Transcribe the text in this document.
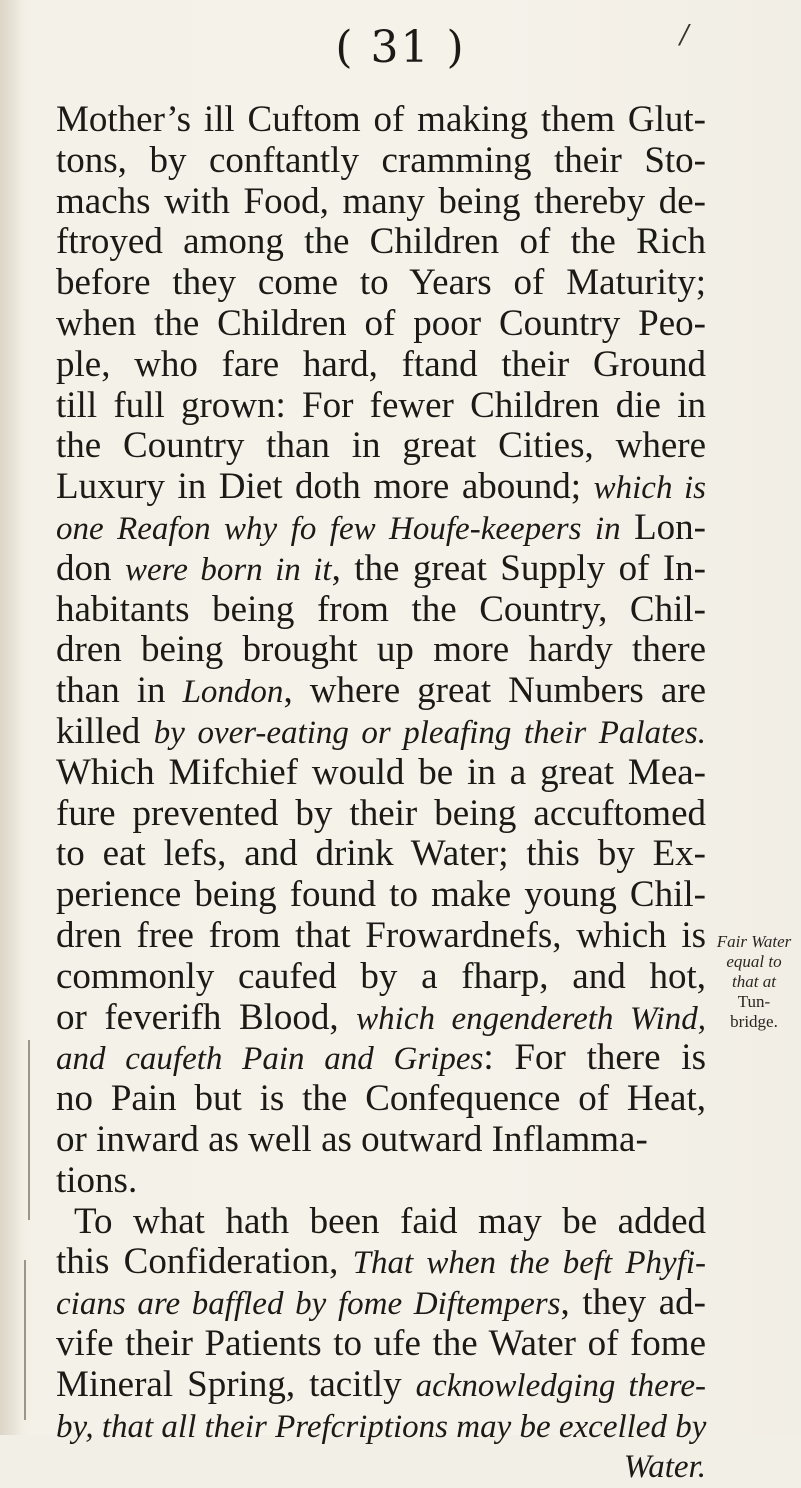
( 31 )	/
Mother’s ill Cuftom of making them Glut-
tons, by conftantly cramming their Sto-
machs with Food, many being thereby de-
ftroyed among the Children of the Rich
before they come to Years of Maturity;
when the Children of poor Country Peo-
ple, who fare hard, ftand their Ground
till full grown: For fewer Children die in
the Country than in great Cities, where
Luxury in Diet doth more abound; which is
one Reafon why fo few Houfe-keepers in Lon-
don were born in it, the great Supply of In-
habitants being from the Country, Chil-
dren being brought up more hardy there
than in London, where great Numbers are
killed by over-eating or pleafing their Palates.
Which Mifchief would be in a great Mea-
fure prevented by their being accuftomed
to eat lefs, and drink Water; this by Ex-
perience being found to make young Chil-
dren free from that Frowardnefs, which is
commonly caufed by a fharp, and hot,
or feverifh Blood, which engendereth Wind,
and caufeth Pain and Gripes: For there is
no Pain but is the Confequence of Heat,
or inward as well as outward Inflamma-
tions.
To what hath been faid may be added
this Confideration, That when the beft Phyfi-
cians are baffled by fome Diftempers, they ad-
vife their Patients to ufe the Water of fome
Mineral Spring, tacitly acknowledging there-
by, that all their Prefcriptions may be excelled by
Water.
Fair Water
equal to
that at
Tun-
bridge.
